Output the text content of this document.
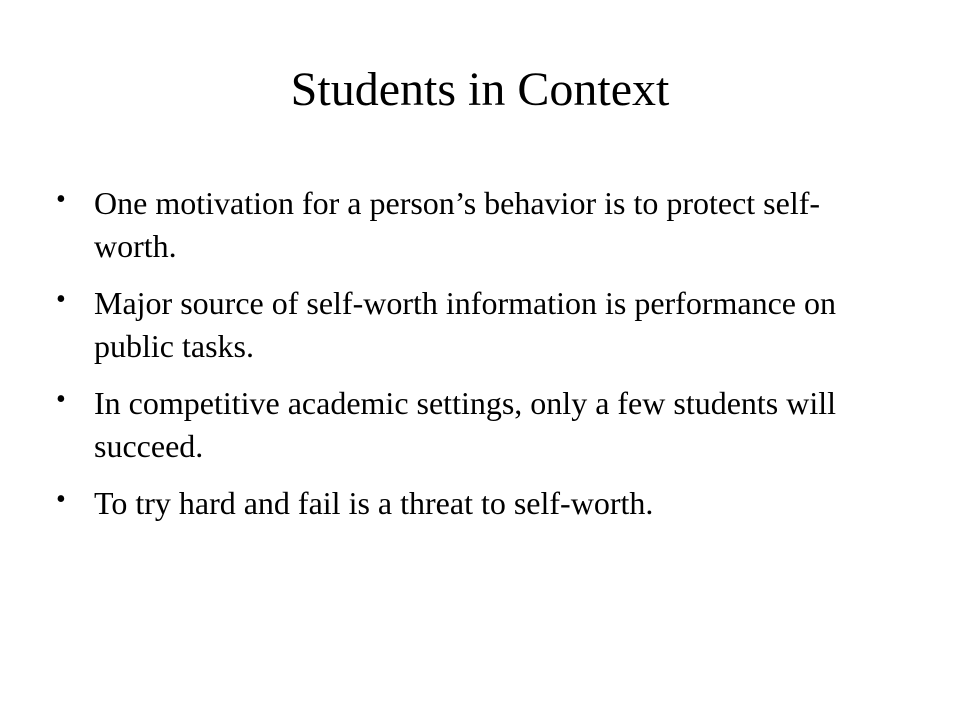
Students in Context
• One motivation for a person’s behavior is to protect self-worth.
• Major source of self-worth information is performance on public tasks.
• In competitive academic settings, only a few students will succeed.
• To try hard and fail is a threat to self-worth.
